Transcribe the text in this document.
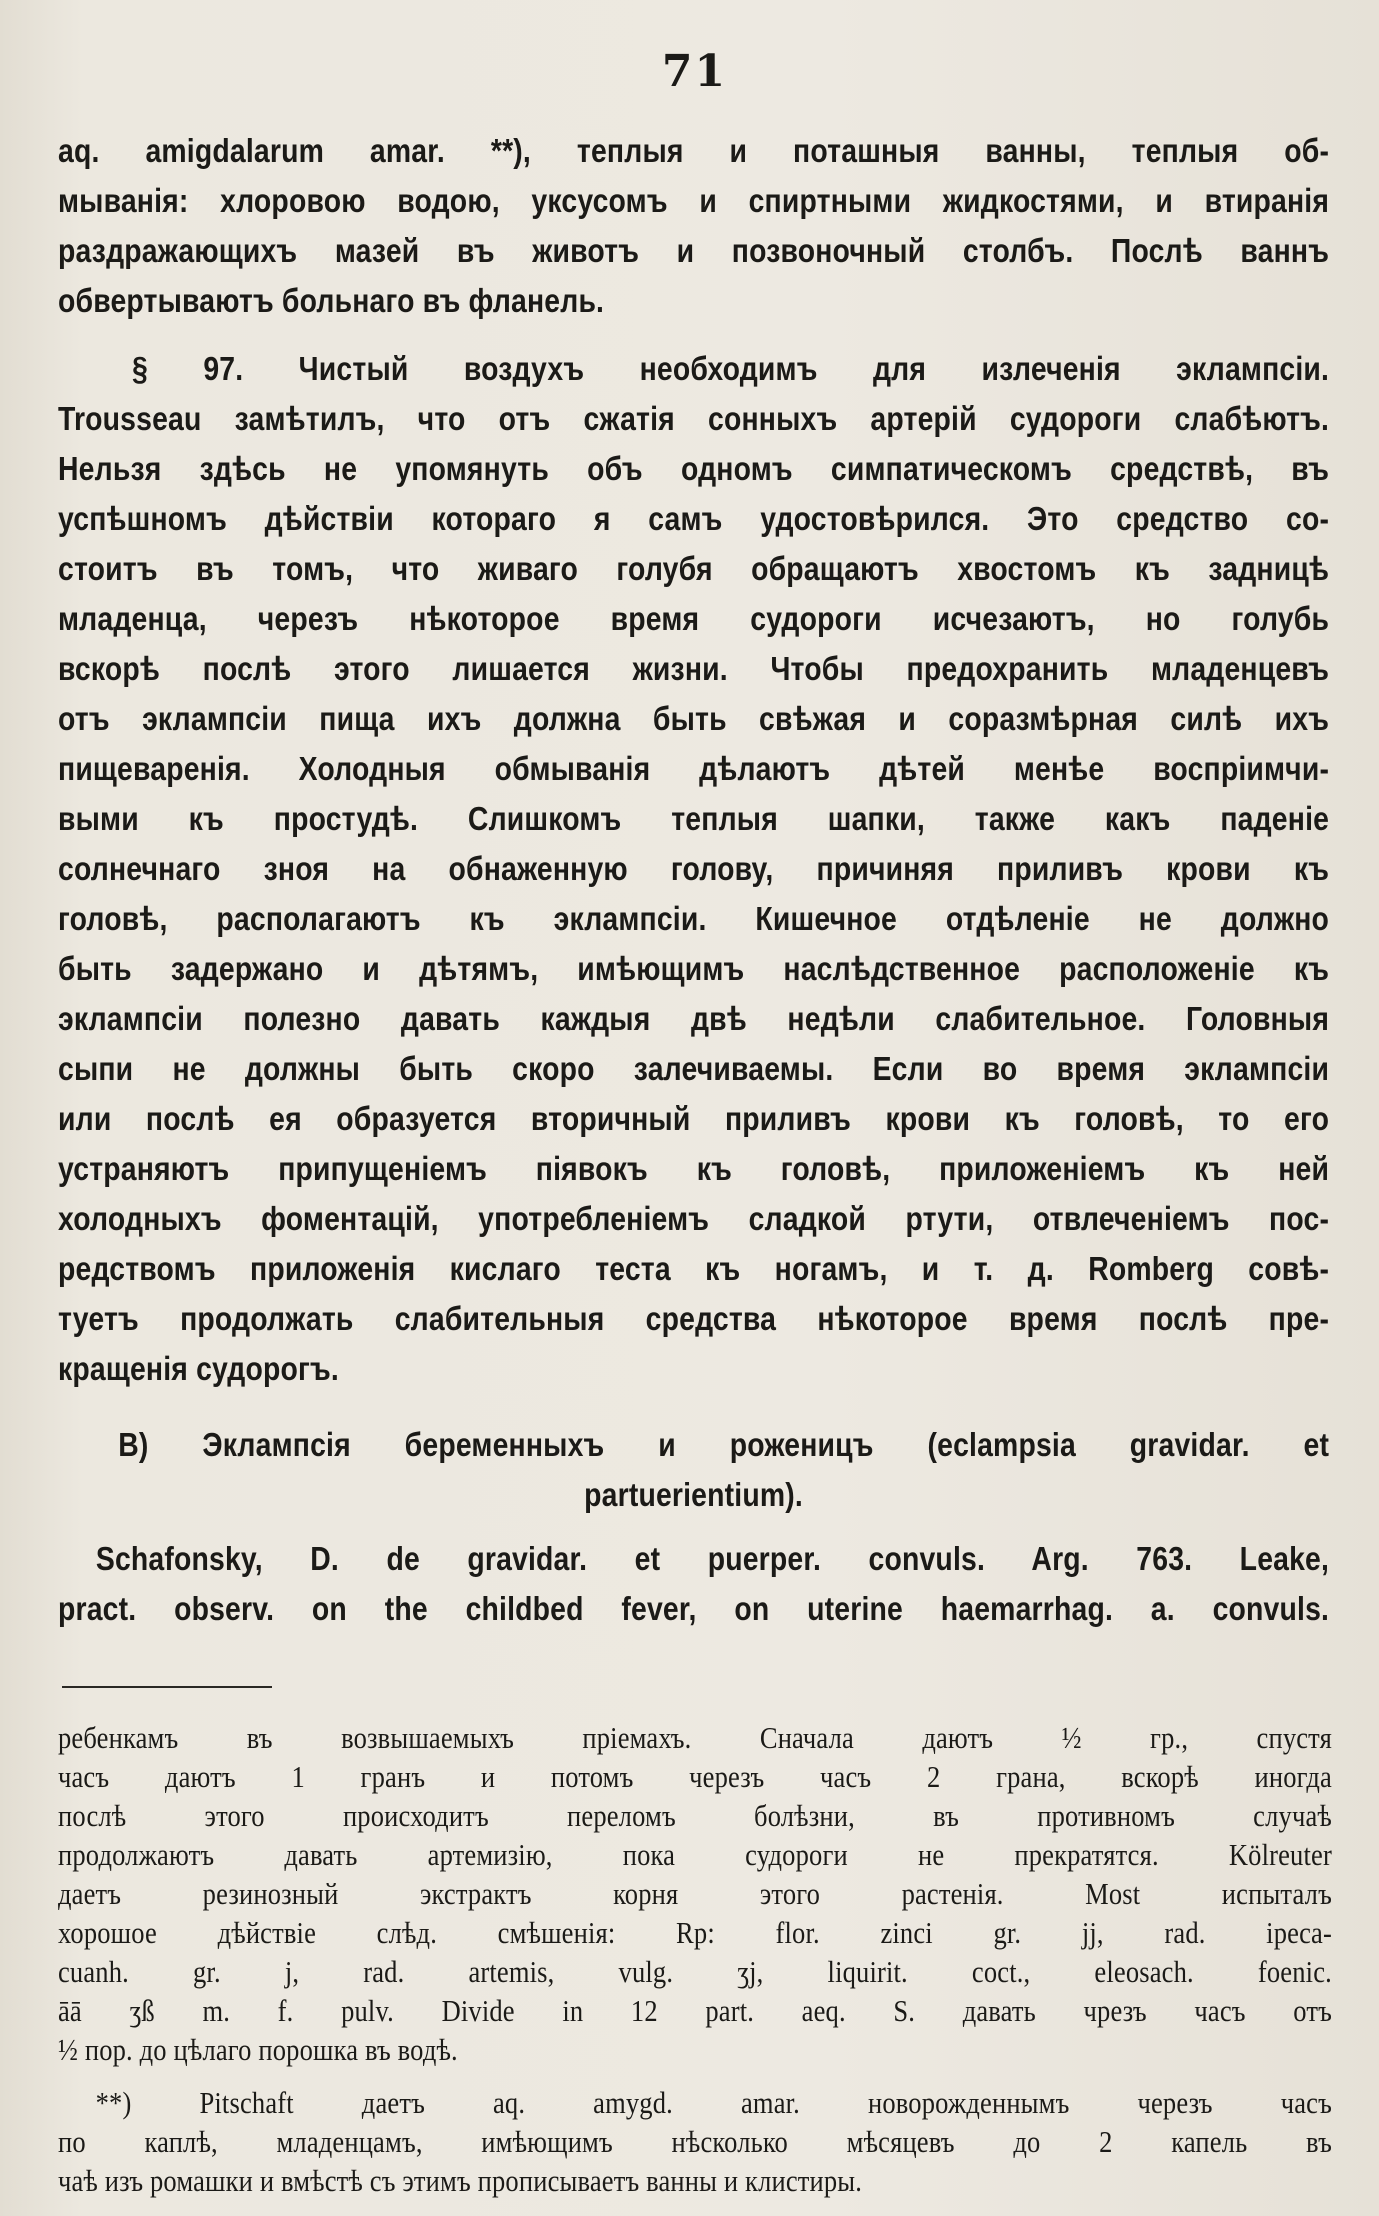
71
aq. amigdalarum amar. **), теплыя и поташныя ванны, теплыя об-
мыванія: хлоровою водою, уксусомъ и спиртными жидкостями, и втиранія
раздражающихъ мазей въ животъ и позвоночный столбъ. Послѣ ваннъ
обвертываютъ больнаго въ фланель.
§ 97. Чистый воздухъ необходимъ для излеченія эклампсіи.
Trousseau замѣтилъ, что отъ сжатія сонныхъ артерій судороги слабѣютъ.
Нельзя здѣсь не упомянуть объ одномъ симпатическомъ средствѣ, въ
успѣшномъ дѣйствіи котораго я самъ удостовѣрился. Это средство со-
стоитъ въ томъ, что живаго голубя обращаютъ хвостомъ къ задницѣ
младенца, черезъ нѣкоторое время судороги исчезаютъ, но голубь
вскорѣ послѣ этого лишается жизни. Чтобы предохранить младенцевъ
отъ эклампсіи пища ихъ должна быть свѣжая и соразмѣрная силѣ ихъ
пищеваренія. Холодныя обмыванія дѣлаютъ дѣтей менѣе воспріимчи-
выми къ простудѣ. Слишкомъ теплыя шапки, также какъ паденіе
солнечнаго зноя на обнаженную голову, причиняя приливъ крови къ
головѣ, располагаютъ къ эклампсіи. Кишечное отдѣленіе не должно
быть задержано и дѣтямъ, имѣющимъ наслѣдственное расположеніе къ
эклампсіи полезно давать каждыя двѣ недѣли слабительное. Головныя
сыпи не должны быть скоро залечиваемы. Если во время эклампсіи
или послѣ ея образуется вторичный приливъ крови къ головѣ, то его
устраняютъ припущеніемъ піявокъ къ головѣ, приложеніемъ къ ней
холодныхъ фоментацій, употребленіемъ сладкой ртути, отвлеченіемъ пос-
редствомъ приложенія кислаго теста къ ногамъ, и т. д. Romberg совѣ-
туетъ продолжать слабительныя средства нѣкоторое время послѣ пре-
кращенія судорогъ.
B) Эклампсія беременныхъ и роженицъ (eclampsia gravidar. et
partuerientium).
Schafonsky, D. de gravidar. et puerper. convuls. Arg. 763. Leake,
pract. observ. on the childbed fever, on uterine haemarrhag. a. convuls.
ребенкамъ въ возвышаемыхъ пріемахъ. Сначала даютъ ½ гр., спустя
часъ даютъ 1 гранъ и потомъ черезъ часъ 2 грана, вскорѣ иногда
послѣ этого происходитъ переломъ болѣзни, въ противномъ случаѣ
продолжаютъ давать артемизію, пока судороги не прекратятся. Kölreuter
даетъ резинозный экстрактъ корня этого растенія. Most испыталъ
хорошое дѣйствіе слѣд. смѣшенія: Rp: flor. zinci gr. jj, rad. ipeca-
cuanh. gr. j, rad. artemis, vulg. ʒj, liquirit. coct., eleosach. foenic.
āā ʒß m. f. pulv. Divide in 12 part. aeq. S. давать чрезъ часъ отъ
½ пор. до цѣлаго порошка въ водѣ.
**) Pitschaft даетъ aq. amygd. amar. новорожденнымъ черезъ часъ
по каплѣ, младенцамъ, имѣющимъ нѣсколько мѣсяцевъ до 2 капель въ
чаѣ изъ ромашки и вмѣстѣ съ этимъ прописываетъ ванны и клистиры.
